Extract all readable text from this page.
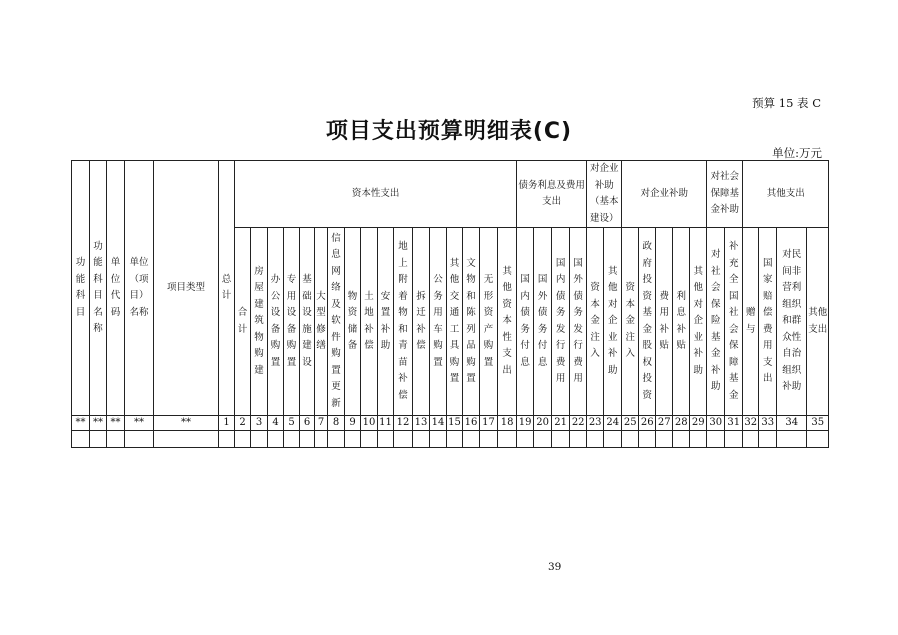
预算 15 表 C
项目支出预算明细表(C)
单位:万元
功能科目	功能科目名称	单位代码	单位（项目）名称	项目类型	总计	资本性支出																	债务利息及费用支出				对企业补助（基本建设）		对企业补助					对社会保障基金补助		其他支出			

						合计	房屋建筑物购建	办公设备购置	专用设备购置	基础设施建设	大型修缮	信息网络及软件购置更新	物资储备	土地补偿	安置补助	地上附着物和青苗补偿	拆迁补偿	公务用车购置	其他交通工具购置	文物和陈列品购置	无形资产购置	其他资本性支出	国内债务付息	国外债务付息	国内债务发行费用	国外债务发行费用	资本金注入	其他对企业补助	资本金注入	政府投资基金股权投资	费用补贴	利息补贴	其他对企业补助	对社会保险基金补助	补充全国社会保障基金	赠与	国家赔偿费用支出	对民间非营利组织和群众性自治组织补助	其他支出

**	**	**	**	**	1	2	3	4	5	6	7	8	9	10	11	12	13	14	15	16	17	18	19	20	21	22	23	24	25	26	27	28	29	30	31	32	33	34	35

39
